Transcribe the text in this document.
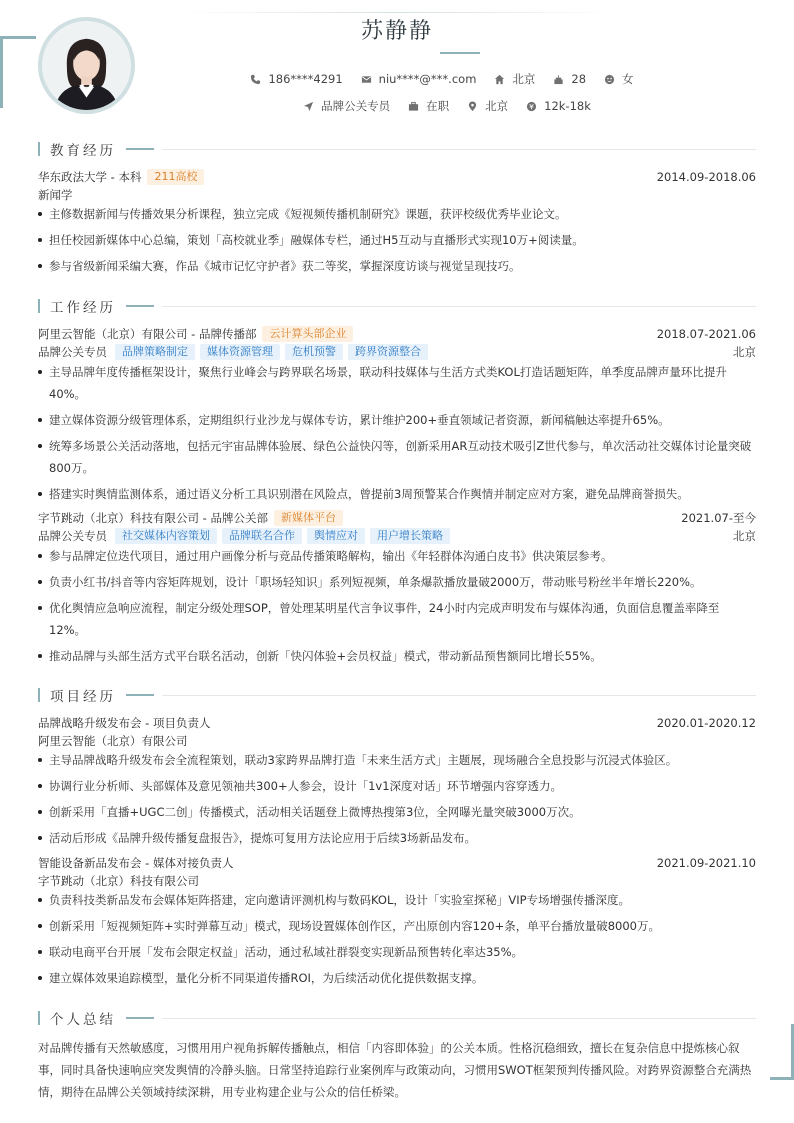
苏静静
186****4291	niu****@***.com	北京	28	女
品牌公关专员	在职	北京	12k-18k
教育经历
华东政法大学 - 本科	211高校	2014.09-2018.06
新闻学
主修数据新闻与传播效果分析课程，独立完成《短视频传播机制研究》课题，获评校级优秀毕业论文。
担任校园新媒体中心总编，策划「高校就业季」融媒体专栏，通过H5互动与直播形式实现10万+阅读量。
参与省级新闻采编大赛，作品《城市记忆守护者》获二等奖，掌握深度访谈与视觉呈现技巧。
工作经历
阿里云智能（北京）有限公司 - 品牌传播部	云计算头部企业	2018.07-2021.06
品牌公关专员	品牌策略制定	媒体资源管理	危机预警	跨界资源整合	北京
主导品牌年度传播框架设计，聚焦行业峰会与跨界联名场景，联动科技媒体与生活方式类KOL打造话题矩阵，单季度品牌声量环比提升40%。
建立媒体资源分级管理体系，定期组织行业沙龙与媒体专访，累计维护200+垂直领域记者资源，新闻稿触达率提升65%。
统筹多场景公关活动落地，包括元宇宙品牌体验展、绿色公益快闪等，创新采用AR互动技术吸引Z世代参与，单次活动社交媒体讨论量突破800万。
搭建实时舆情监测体系，通过语义分析工具识别潜在风险点，曾提前3周预警某合作舆情并制定应对方案，避免品牌商誉损失。
字节跳动（北京）科技有限公司 - 品牌公关部	新媒体平台	2021.07-至今
品牌公关专员	社交媒体内容策划	品牌联名合作	舆情应对	用户增长策略	北京
参与品牌定位迭代项目，通过用户画像分析与竞品传播策略解构，输出《年轻群体沟通白皮书》供决策层参考。
负责小红书/抖音等内容矩阵规划，设计「职场轻知识」系列短视频，单条爆款播放量破2000万，带动账号粉丝半年增长220%。
优化舆情应急响应流程，制定分级处理SOP，曾处理某明星代言争议事件，24小时内完成声明发布与媒体沟通，负面信息覆盖率降至12%。
推动品牌与头部生活方式平台联名活动，创新「快闪体验+会员权益」模式，带动新品预售额同比增长55%。
项目经历
品牌战略升级发布会 - 项目负责人	2020.01-2020.12
阿里云智能（北京）有限公司
主导品牌战略升级发布会全流程策划，联动3家跨界品牌打造「未来生活方式」主题展，现场融合全息投影与沉浸式体验区。
协调行业分析师、头部媒体及意见领袖共300+人参会，设计「1v1深度对话」环节增强内容穿透力。
创新采用「直播+UGC二创」传播模式，活动相关话题登上微博热搜第3位，全网曝光量突破3000万次。
活动后形成《品牌升级传播复盘报告》，提炼可复用方法论应用于后续3场新品发布。
智能设备新品发布会 - 媒体对接负责人	2021.09-2021.10
字节跳动（北京）科技有限公司
负责科技类新品发布会媒体矩阵搭建，定向邀请评测机构与数码KOL，设计「实验室探秘」VIP专场增强传播深度。
创新采用「短视频矩阵+实时弹幕互动」模式，现场设置媒体创作区，产出原创内容120+条，单平台播放量破8000万。
联动电商平台开展「发布会限定权益」活动，通过私域社群裂变实现新品预售转化率达35%。
建立媒体效果追踪模型，量化分析不同渠道传播ROI，为后续活动优化提供数据支撑。
个人总结
对品牌传播有天然敏感度，习惯用用户视角拆解传播触点，相信「内容即体验」的公关本质。性格沉稳细致，擅长在复杂信息中提炼核心叙事，同时具备快速响应突发舆情的冷静头脑。日常坚持追踪行业案例库与政策动向，习惯用SWOT框架预判传播风险。对跨界资源整合充满热情，期待在品牌公关领域持续深耕，用专业构建企业与公众的信任桥梁。
